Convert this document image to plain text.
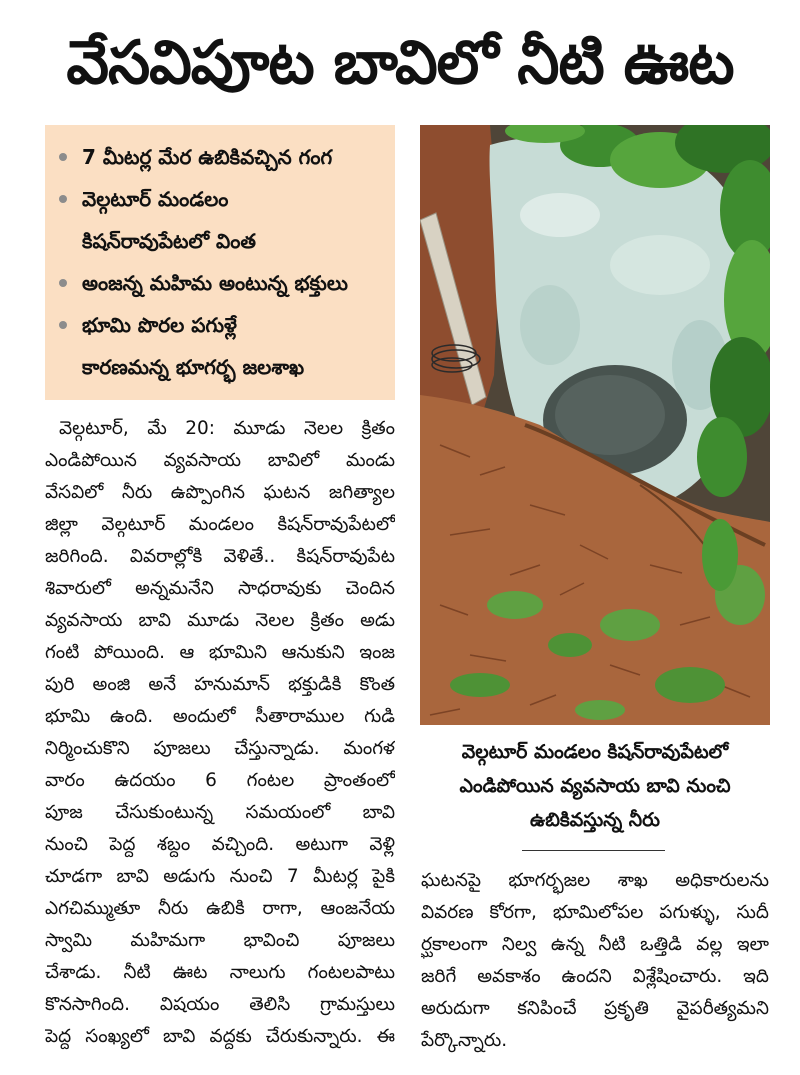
వేసవిపూట బావిలో నీటి ఊట
7 మీటర్ల మేర ఉబికివచ్చిన గంగ
వెల్గటూర్ మండలం
కిషన్‌రావుపేటలో వింత
అంజన్న మహిమ అంటున్న భక్తులు
భూమి పొరల పగుళ్లే
కారణమన్న భూగర్భ జలశాఖ
వెల్గటూర్, మే 20: మూడు నెలల క్రితం
ఎండిపోయిన వ్యవసాయ బావిలో మండు
వేసవిలో నీరు ఉప్పొంగిన ఘటన జగిత్యాల
జిల్లా వెల్గటూర్ మండలం కిషన్‌రావుపేటలో
జరిగింది. వివరాల్లోకి వెళితే.. కిషన్‌రావుపేట
శివారులో అన్నమనేని సాధరావుకు చెందిన
వ్యవసాయ బావి మూడు నెలల క్రితం అడు
గంటి పోయింది. ఆ భూమిని ఆనుకుని ఇంజ
పురి అంజి అనే హనుమాన్ భక్తుడికి కొంత
భూమి ఉంది. అందులో సీతారాముల గుడి
నిర్మించుకొని పూజలు చేస్తున్నాడు. మంగళ
వారం ఉదయం 6 గంటల ప్రాంతంలో
పూజ చేసుకుంటున్న సమయంలో బావి
నుంచి పెద్ద శబ్దం వచ్చింది. అటుగా వెళ్లి
చూడగా బావి అడుగు నుంచి 7 మీటర్ల పైకి
ఎగచిమ్ముతూ నీరు ఉబికి రాగా, ఆంజనేయ
స్వామి మహిమగా భావించి పూజలు
చేశాడు. నీటి ఊట నాలుగు గంటలపాటు
కొనసాగింది. విషయం తెలిసి గ్రామస్తులు
పెద్ద సంఖ్యలో బావి వద్దకు చేరుకున్నారు. ఈ
వెల్గటూర్ మండలం కిషన్‌రావుపేటలో
ఎండిపోయిన వ్యవసాయ బావి నుంచి
ఉబికివస్తున్న నీరు
ఘటనపై భూగర్భజల శాఖ అధికారులను
వివరణ కోరగా, భూమిలోపల పగుళ్ళు, సుదీ
ర్ఘకాలంగా నిల్వ ఉన్న నీటి ఒత్తిడి వల్ల ఇలా
జరిగే అవకాశం ఉందని విశ్లేషించారు. ఇది
అరుదుగా కనిపించే ప్రకృతి వైపరీత్యమని
పేర్కొన్నారు.
